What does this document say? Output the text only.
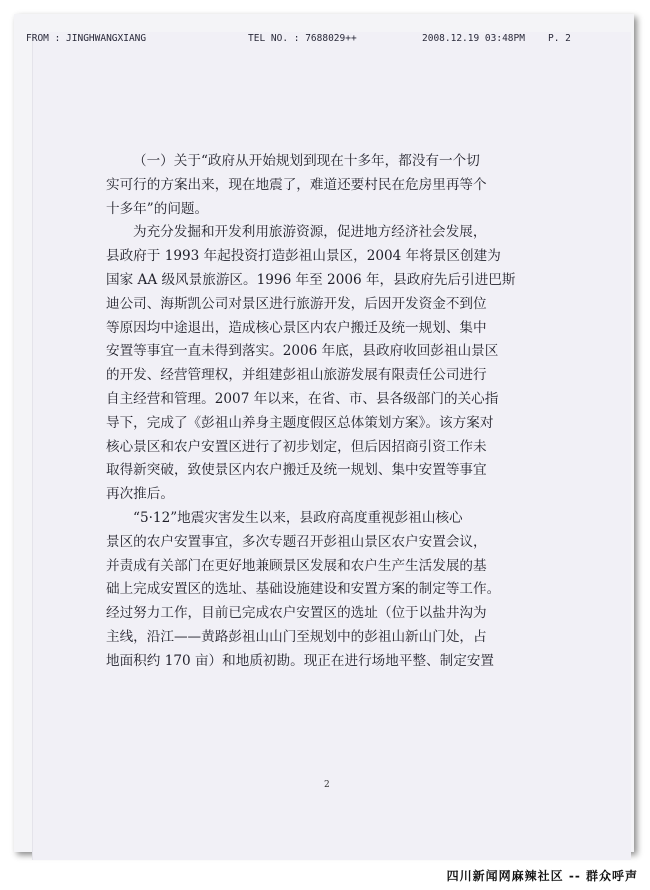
FROM : JINGHWANGXIANG	TEL NO. : 7688029++	2008.12.19 03:48PM P. 2
（一）关于“政府从开始规划到现在十多年，都没有一个切
实可行的方案出来，现在地震了，难道还要村民在危房里再等个
十多年”的问题。
为充分发掘和开发利用旅游资源，促进地方经济社会发展，
县政府于 1993 年起投资打造彭祖山景区，2004 年将景区创建为
国家 AA 级风景旅游区。1996 年至 2006 年，县政府先后引进巴斯
迪公司、海斯凯公司对景区进行旅游开发，后因开发资金不到位
等原因均中途退出，造成核心景区内农户搬迁及统一规划、集中
安置等事宜一直未得到落实。2006 年底，县政府收回彭祖山景区
的开发、经营管理权，并组建彭祖山旅游发展有限责任公司进行
自主经营和管理。2007 年以来，在省、市、县各级部门的关心指
导下，完成了《彭祖山养身主题度假区总体策划方案》。该方案对
核心景区和农户安置区进行了初步划定，但后因招商引资工作未
取得新突破，致使景区内农户搬迁及统一规划、集中安置等事宜
再次推后。
“5·12”地震灾害发生以来，县政府高度重视彭祖山核心
景区的农户安置事宜，多次专题召开彭祖山景区农户安置会议，
并责成有关部门在更好地兼顾景区发展和农户生产生活发展的基
础上完成安置区的选址、基础设施建设和安置方案的制定等工作。
经过努力工作，目前已完成农户安置区的选址（位于以盐井沟为
主线，沿江——黄路彭祖山山门至规划中的彭祖山新山门处，占
地面积约 170 亩）和地质初勘。现正在进行场地平整、制定安置
2
四川新闻网麻辣社区 -- 群众呼声
